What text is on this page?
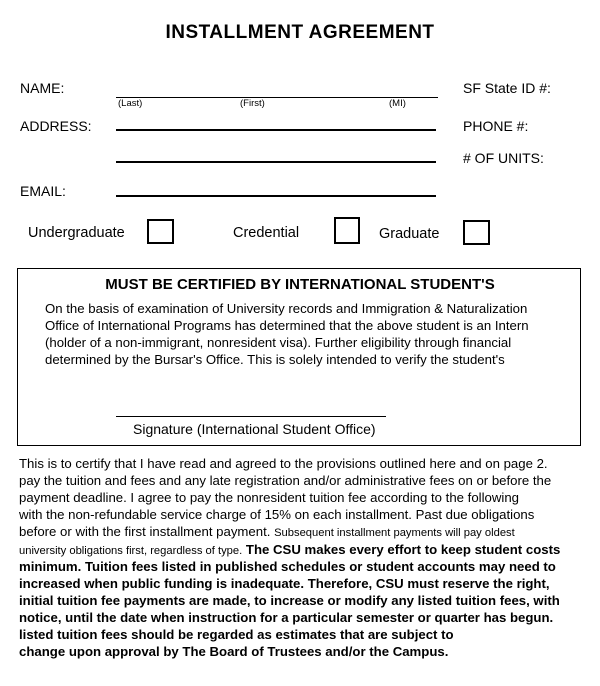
INSTALLMENT AGREEMENT
NAME:
(Last)	(First)	(MI)
ADDRESS:
EMAIL:
SF State ID #:
PHONE #:
# OF UNITS:
Undergraduate	Credential	Graduate
MUST BE CERTIFIED BY INTERNATIONAL STUDENT'S
On the basis of examination of University records and Immigration & Naturalization
Office of International Programs has determined that the above student is an Intern
(holder of a non-immigrant, nonresident visa). Further eligibility through financial
determined by the Bursar's Office. This is solely intended to verify the student's
Signature (International Student Office)
This is to certify that I have read and agreed to the provisions outlined here and on page 2.
pay the tuition and fees and any late registration and/or administrative fees on or before the
payment deadline. I agree to pay the nonresident tuition fee according to the following
with the non-refundable service charge of 15% on each installment. Past due obligations
before or with the first installment payment. Subsequent installment payments will pay oldest
university obligations first, regardless of type. The CSU makes every effort to keep student costs
minimum. Tuition fees listed in published schedules or student accounts may need to
increased when public funding is inadequate. Therefore, CSU must reserve the right,
initial tuition fee payments are made, to increase or modify any listed tuition fees, with
notice, until the date when instruction for a particular semester or quarter has begun.
listed tuition fees should be regarded as estimates that are subject to
change upon approval by The Board of Trustees and/or the Campus.
